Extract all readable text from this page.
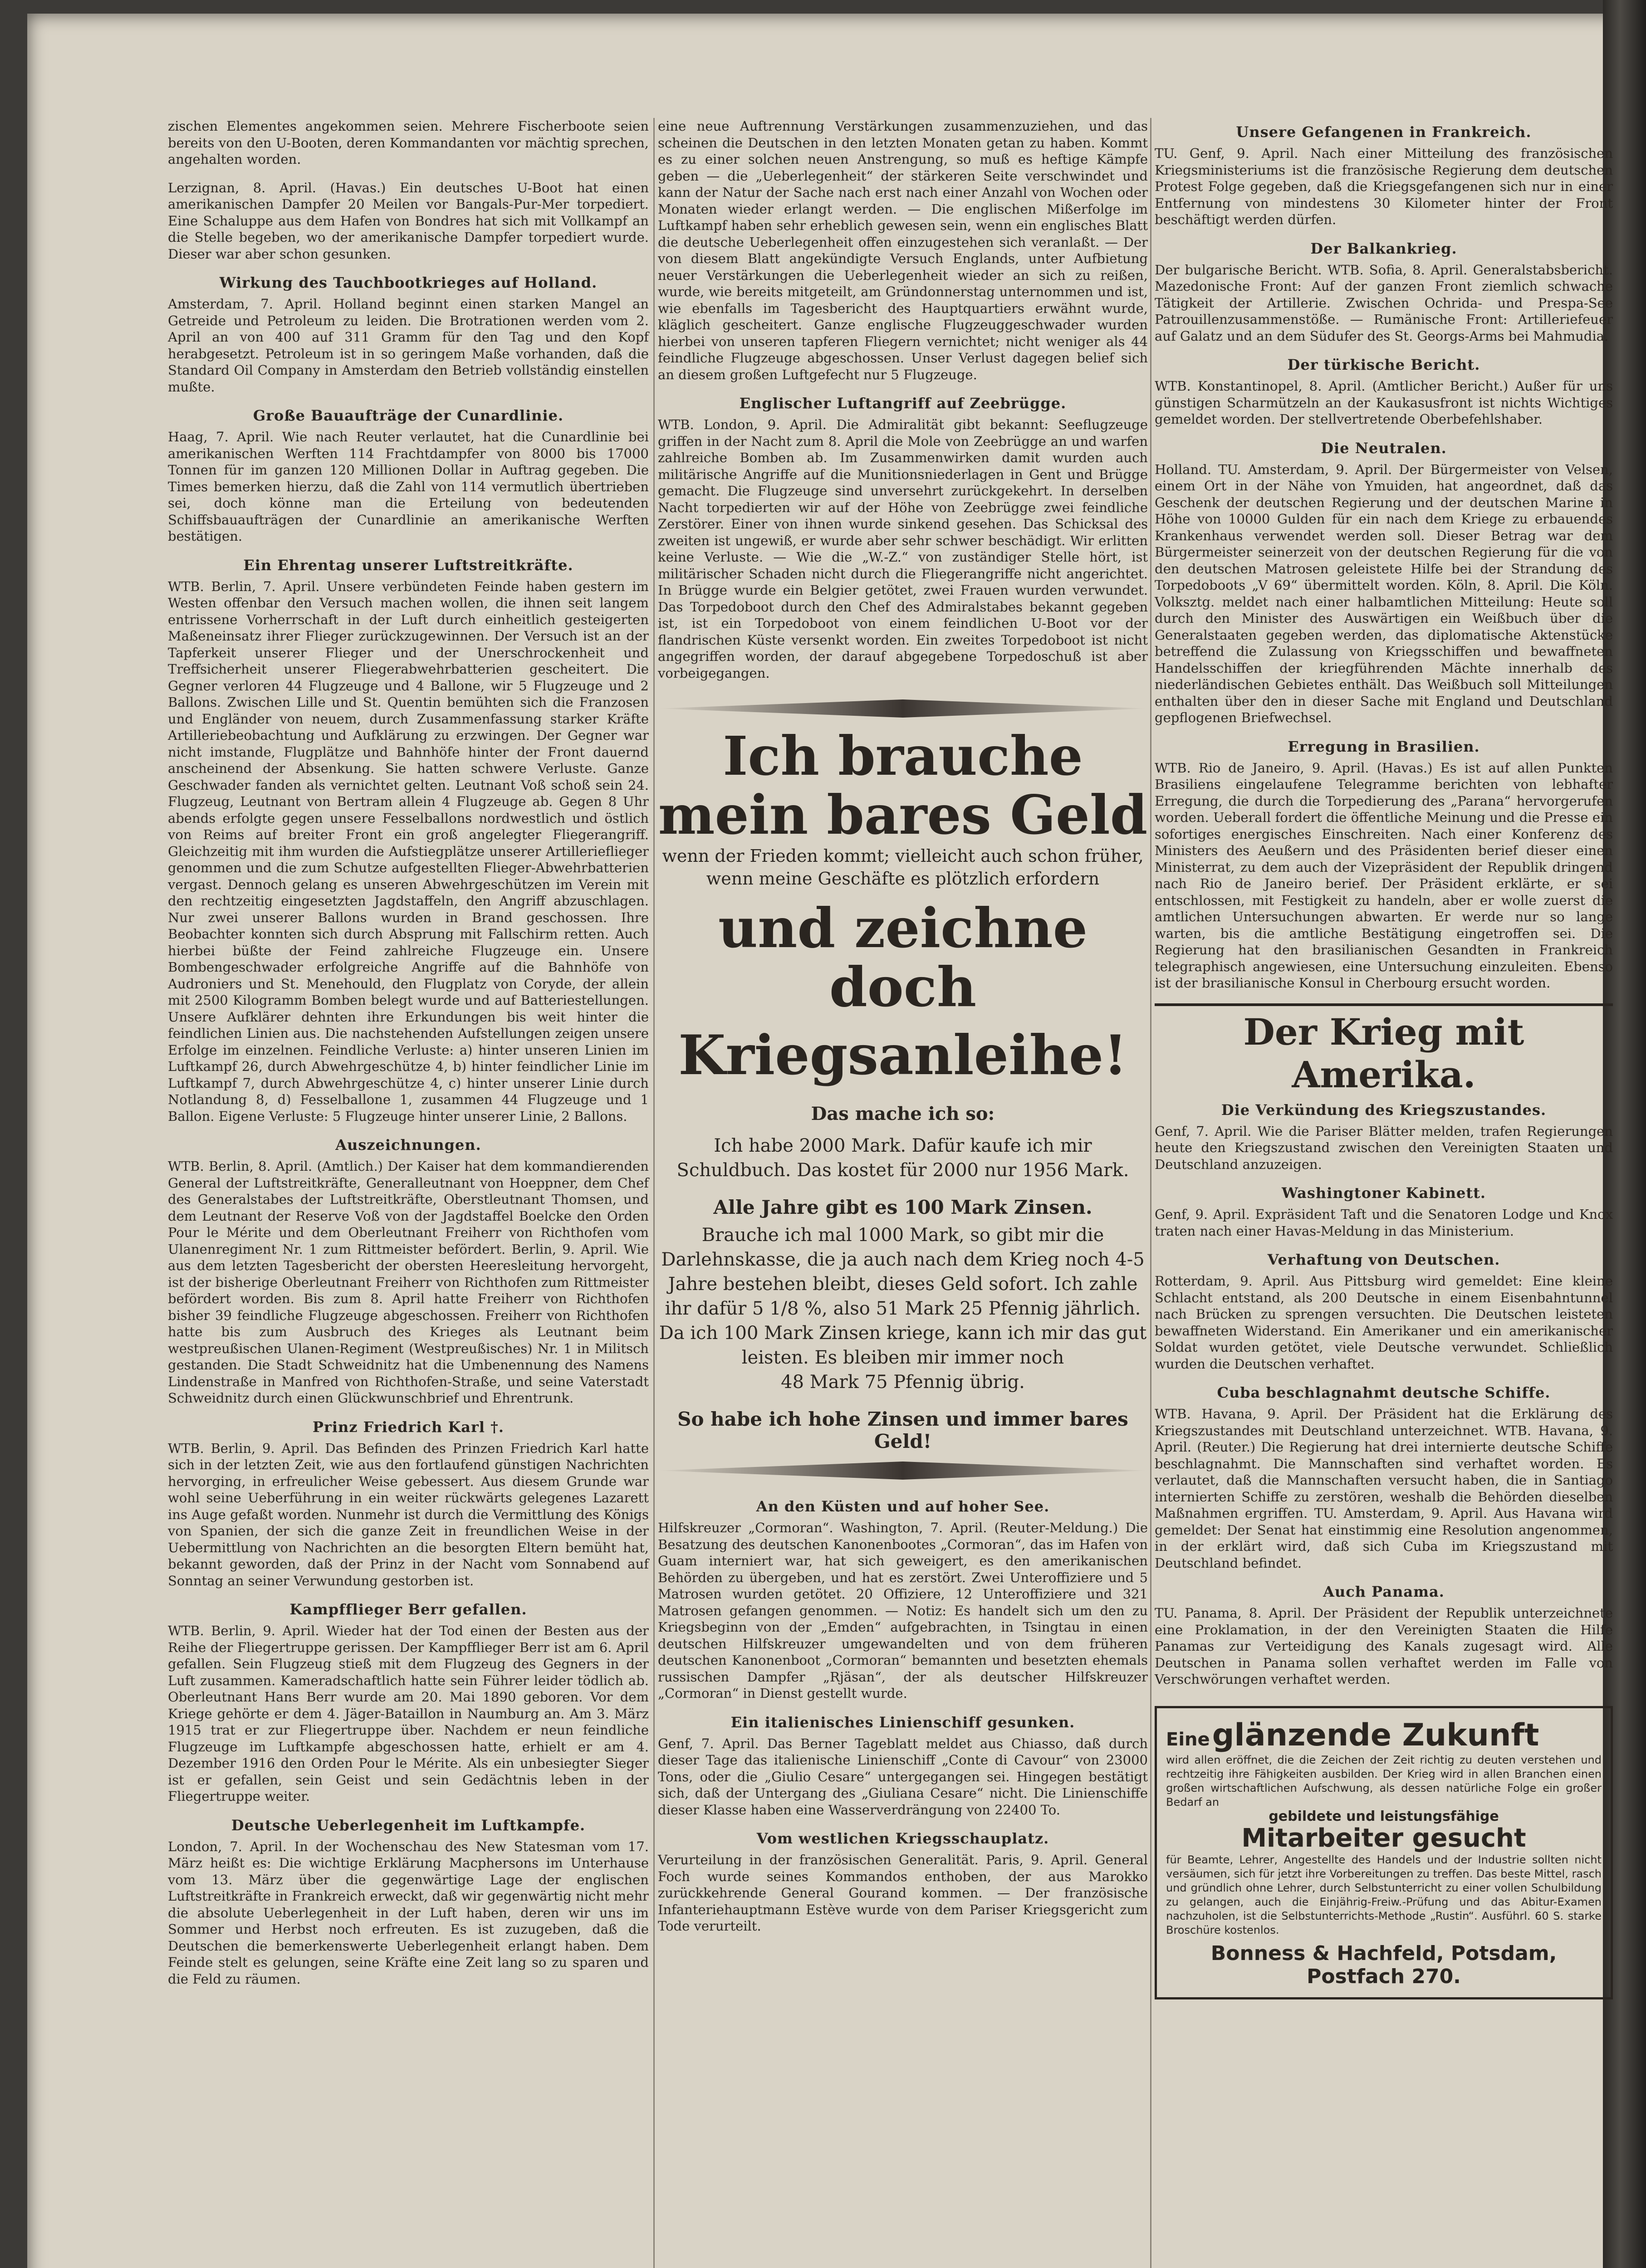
zischen Elementes angekommen seien. Mehrere Fischerboote seien bereits von den U-Booten, deren Kommandanten vor mächtig sprechen, angehalten worden.

Lerzignan, 8. April. (Havas.) Ein deutsches U-Boot hat einen amerikanischen Dampfer 20 Meilen vor Bangals-Pur-Mer torpediert. Eine Schaluppe aus dem Hafen von Bondres hat sich mit Vollkampf an die Stelle begeben, wo der amerikanische Dampfer torpediert wurde. Dieser war aber schon gesunken.

Wirkung des Tauchbootkrieges auf Holland.

Amsterdam, 7. April. Holland beginnt einen starken Mangel an Getreide und Petroleum zu leiden. Die Brotrationen werden vom 2. April an von 400 auf 311 Gramm für den Tag und den Kopf herabgesetzt. Petroleum ist in so geringem Maße vorhanden, daß die Standard Oil Company in Amsterdam den Betrieb vollständig einstellen mußte.

Große Bauaufträge der Cunardlinie.

Haag, 7. April. Wie nach Reuter verlautet, hat die Cunardlinie bei amerikanischen Werften 114 Frachtdampfer von 8000 bis 17000 Tonnen für im ganzen 120 Millionen Dollar in Auftrag gegeben. Die Times bemerken hierzu, daß die Zahl von 114 vermutlich übertrieben sei, doch könne man die Erteilung von bedeutenden Schiffsbauaufträgen der Cunardlinie an amerikanische Werften bestätigen.

Ein Ehrentag unserer Luftstreitkräfte.

WTB. Berlin, 7. April. Unsere verbündeten Feinde haben gestern im Westen offenbar den Versuch machen wollen, die ihnen seit langem entrissene Vorherrschaft in der Luft durch einheitlich gesteigerten Maßeneinsatz ihrer Flieger zurückzugewinnen. Der Versuch ist an der Tapferkeit unserer Flieger und der Unerschrockenheit und Treffsicherheit unserer Fliegerabwehrbatterien gescheitert. Die Gegner verloren 44 Flugzeuge und 4 Ballone, wir 5 Flugzeuge und 2 Ballons. Zwischen Lille und St. Quentin bemühten sich die Franzosen und Engländer von neuem, durch Zusammenfassung starker Kräfte Artilleriebeobachtung und Aufklärung zu erzwingen. Der Gegner war nicht imstande, Flugplätze und Bahnhöfe hinter der Front dauernd anscheinend der Absenkung. Sie hatten schwere Verluste. Ganze Geschwader fanden als vernichtet gelten. Leutnant Voß schoß sein 24. Flugzeug, Leutnant von Bertram allein 4 Flugzeuge ab. Gegen 8 Uhr abends erfolgte gegen unsere Fesselballons nordwestlich und östlich von Reims auf breiter Front ein groß angelegter Fliegerangriff. Gleichzeitig mit ihm wurden die Aufstiegplätze unserer Artillerieflieger genommen und die zum Schutze aufgestellten Flieger-Abwehrbatterien vergast. Dennoch gelang es unseren Abwehrgeschützen im Verein mit den rechtzeitig eingesetzten Jagdstaffeln, den Angriff abzuschlagen. Nur zwei unserer Ballons wurden in Brand geschossen. Ihre Beobachter konnten sich durch Absprung mit Fallschirm retten. Auch hierbei büßte der Feind zahlreiche Flugzeuge ein. Unsere Bombengeschwader erfolgreiche Angriffe auf die Bahnhöfe von Audroniers und St. Menehould, den Flugplatz von Coryde, der allein mit 2500 Kilogramm Bomben belegt wurde und auf Batteriestellungen. Unsere Aufklärer dehnten ihre Erkundungen bis weit hinter die feindlichen Linien aus. Die nachstehenden Aufstellungen zeigen unsere Erfolge im einzelnen. Feindliche Verluste: a) hinter unseren Linien im Luftkampf 26, durch Abwehrgeschütze 4, b) hinter feindlicher Linie im Luftkampf 7, durch Abwehrgeschütze 4, c) hinter unserer Linie durch Notlandung 8, d) Fesselballone 1, zusammen 44 Flugzeuge und 1 Ballon. Eigene Verluste: 5 Flugzeuge hinter unserer Linie, 2 Ballons.

Auszeichnungen.

WTB. Berlin, 8. April. (Amtlich.) Der Kaiser hat dem kommandierenden General der Luftstreitkräfte, Generalleutnant von Hoeppner, dem Chef des Generalstabes der Luftstreitkräfte, Oberstleutnant Thomsen, und dem Leutnant der Reserve Voß von der Jagdstaffel Boelcke den Orden Pour le Mérite und dem Oberleutnant Freiherr von Richthofen vom Ulanenregiment Nr. 1 zum Rittmeister befördert. Berlin, 9. April. Wie aus dem letzten Tagesbericht der obersten Heeresleitung hervorgeht, ist der bisherige Oberleutnant Freiherr von Richthofen zum Rittmeister befördert worden. Bis zum 8. April hatte Freiherr von Richthofen bisher 39 feindliche Flugzeuge abgeschossen. Freiherr von Richthofen hatte bis zum Ausbruch des Krieges als Leutnant beim westpreußischen Ulanen-Regiment (Westpreußisches) Nr. 1 in Militsch gestanden. Die Stadt Schweidnitz hat die Umbenennung des Namens Lindenstraße in Manfred von Richthofen-Straße, und seine Vaterstadt Schweidnitz durch einen Glückwunschbrief und Ehrentrunk.

Prinz Friedrich Karl †.

WTB. Berlin, 9. April. Das Befinden des Prinzen Friedrich Karl hatte sich in der letzten Zeit, wie aus den fortlaufend günstigen Nachrichten hervorging, in erfreulicher Weise gebessert. Aus diesem Grunde war wohl seine Ueberführung in ein weiter rückwärts gelegenes Lazarett ins Auge gefaßt worden. Nunmehr ist durch die Vermittlung des Königs von Spanien, der sich die ganze Zeit in freundlichen Weise in der Uebermittlung von Nachrichten an die besorgten Eltern bemüht hat, bekannt geworden, daß der Prinz in der Nacht vom Sonnabend auf Sonntag an seiner Verwundung gestorben ist.

Kampfflieger Berr gefallen.

WTB. Berlin, 9. April. Wieder hat der Tod einen der Besten aus der Reihe der Fliegertruppe gerissen. Der Kampfflieger Berr ist am 6. April gefallen. Sein Flugzeug stieß mit dem Flugzeug des Gegners in der Luft zusammen. Kameradschaftlich hatte sein Führer leider tödlich ab. Oberleutnant Hans Berr wurde am 20. Mai 1890 geboren. Vor dem Kriege gehörte er dem 4. Jäger-Bataillon in Naumburg an. Am 3. März 1915 trat er zur Fliegertruppe über. Nachdem er neun feindliche Flugzeuge im Luftkampfe abgeschossen hatte, erhielt er am 4. Dezember 1916 den Orden Pour le Mérite. Als ein unbesiegter Sieger ist er gefallen, sein Geist und sein Gedächtnis leben in der Fliegertruppe weiter.

Deutsche Ueberlegenheit im Luftkampfe.

London, 7. April. In der Wochenschau des New Statesman vom 17. März heißt es: Die wichtige Erklärung Macphersons im Unterhause vom 13. März über die gegenwärtige Lage der englischen Luftstreitkräfte in Frankreich erweckt, daß wir gegenwärtig nicht mehr die absolute Ueberlegenheit in der Luft haben, deren wir uns im Sommer und Herbst noch erfreuten. Es ist zuzugeben, daß die Deutschen die bemerkenswerte Ueberlegenheit erlangt haben. Dem Feinde stelt es gelungen, seine Kräfte eine Zeit lang so zu sparen und die Feld zu räumen.

eine neue Auftrennung Verstärkungen zusammenzuziehen, und das scheinen die Deutschen in den letzten Monaten getan zu haben. Kommt es zu einer solchen neuen Anstrengung, so muß es heftige Kämpfe geben — die „Ueberlegenheit“ der stärkeren Seite verschwindet und kann der Natur der Sache nach erst nach einer Anzahl von Wochen oder Monaten wieder erlangt werden. — Die englischen Mißerfolge im Luftkampf haben sehr erheblich gewesen sein, wenn ein englisches Blatt die deutsche Ueberlegenheit offen einzugestehen sich veranlaßt. — Der von diesem Blatt angekündigte Versuch Englands, unter Aufbietung neuer Verstärkungen die Ueberlegenheit wieder an sich zu reißen, wurde, wie bereits mitgeteilt, am Gründonnerstag unternommen und ist, wie ebenfalls im Tagesbericht des Hauptquartiers erwähnt wurde, kläglich gescheitert. Ganze englische Flugzeuggeschwader wurden hierbei von unseren tapferen Fliegern vernichtet; nicht weniger als 44 feindliche Flugzeuge abgeschossen. Unser Verlust dagegen belief sich an diesem großen Luftgefecht nur 5 Flugzeuge.

Englischer Luftangriff auf Zeebrügge.

WTB. London, 9. April. Die Admiralität gibt bekannt: Seeflugzeuge griffen in der Nacht zum 8. April die Mole von Zeebrügge an und warfen zahlreiche Bomben ab. Im Zusammenwirken damit wurden auch militärische Angriffe auf die Munitionsniederlagen in Gent und Brügge gemacht. Die Flugzeuge sind unversehrt zurückgekehrt. In derselben Nacht torpedierten wir auf der Höhe von Zeebrügge zwei feindliche Zerstörer. Einer von ihnen wurde sinkend gesehen. Das Schicksal des zweiten ist ungewiß, er wurde aber sehr schwer beschädigt. Wir erlitten keine Verluste. — Wie die „W.-Z.“ von zuständiger Stelle hört, ist militärischer Schaden nicht durch die Fliegerangriffe nicht angerichtet. In Brügge wurde ein Belgier getötet, zwei Frauen wurden verwundet. Das Torpedoboot durch den Chef des Admiralstabes bekannt gegeben ist, ist ein Torpedoboot von einem feindlichen U-Boot vor der flandrischen Küste versenkt worden. Ein zweites Torpedoboot ist nicht angegriffen worden, der darauf abgegebene Torpedoschuß ist aber vorbeigegangen.

Ich brauche
mein bares Geld
wenn der Frieden kommt; vielleicht auch schon früher,
wenn meine Geschäfte es plötzlich erfordern
und zeichne doch
Kriegsanleihe!
Das mache ich so:
Ich habe 2000 Mark. Dafür kaufe ich mir
Schuldbuch. Das kostet für 2000 nur 1956 Mark.
Alle Jahre gibt es 100 Mark Zinsen.
Brauche ich mal 1000 Mark, so gibt mir die Darlehnskasse, die ja auch nach dem Krieg noch 4-5 Jahre bestehen bleibt, dieses Geld sofort. Ich zahle ihr dafür 5 1/8 %, also 51 Mark 25 Pfennig jährlich. Da ich 100 Mark Zinsen kriege, kann ich mir das gut leisten. Es bleiben mir immer noch
48 Mark 75 Pfennig übrig.
So habe ich hohe Zinsen und immer bares Geld!
An den Küsten und auf hoher See.

Hilfskreuzer „Cormoran“. Washington, 7. April. (Reuter-Meldung.) Die Besatzung des deutschen Kanonenbootes „Cormoran“, das im Hafen von Guam interniert war, hat sich geweigert, es den amerikanischen Behörden zu übergeben, und hat es zerstört. Zwei Unteroffiziere und 5 Matrosen wurden getötet. 20 Offiziere, 12 Unteroffiziere und 321 Matrosen gefangen genommen. — Notiz: Es handelt sich um den zu Kriegsbeginn von der „Emden“ aufgebrachten, in Tsingtau in einen deutschen Hilfskreuzer umgewandelten und von dem früheren deutschen Kanonenboot „Cormoran“ bemannten und besetzten ehemals russischen Dampfer „Rjäsan“, der als deutscher Hilfskreuzer „Cormoran“ in Dienst gestellt wurde.

Ein italienisches Linienschiff gesunken.

Genf, 7. April. Das Berner Tageblatt meldet aus Chiasso, daß durch dieser Tage das italienische Linienschiff „Conte di Cavour“ von 23000 Tons, oder die „Giulio Cesare“ untergegangen sei. Hingegen bestätigt sich, daß der Untergang des „Giuliana Cesare“ nicht. Die Linienschiffe dieser Klasse haben eine Wasserverdrängung von 22400 To.

Vom westlichen Kriegsschauplatz.

Verurteilung in der französischen Generalität. Paris, 9. April. General Foch wurde seines Kommandos enthoben, der aus Marokko zurückkehrende General Gourand kommen. — Der französische Infanteriehauptmann Estève wurde von dem Pariser Kriegsgericht zum Tode verurteilt.

Unsere Gefangenen in Frankreich.

TU. Genf, 9. April. Nach einer Mitteilung des französischen Kriegsministeriums ist die französische Regierung dem deutschen Protest Folge gegeben, daß die Kriegsgefangenen sich nur in einer Entfernung von mindestens 30 Kilometer hinter der Front beschäftigt werden dürfen.

Der Balkankrieg.

Der bulgarische Bericht. WTB. Sofia, 8. April. Generalstabsbericht. Mazedonische Front: Auf der ganzen Front ziemlich schwache Tätigkeit der Artillerie. Zwischen Ochrida- und Prespa-See Patrouillenzusammenstöße. — Rumänische Front: Artilleriefeuer auf Galatz und an dem Südufer des St. Georgs-Arms bei Mahmudia.

Der türkische Bericht.

WTB. Konstantinopel, 8. April. (Amtlicher Bericht.) Außer für uns günstigen Scharmützeln an der Kaukasusfront ist nichts Wichtiges gemeldet worden. Der stellvertretende Oberbefehlshaber.

Die Neutralen.

Holland. TU. Amsterdam, 9. April. Der Bürgermeister von Velsen, einem Ort in der Nähe von Ymuiden, hat angeordnet, daß das Geschenk der deutschen Regierung und der deutschen Marine in Höhe von 10000 Gulden für ein nach dem Kriege zu erbauendes Krankenhaus verwendet werden soll. Dieser Betrag war dem Bürgermeister seinerzeit von der deutschen Regierung für die von den deutschen Matrosen geleistete Hilfe bei der Strandung des Torpedoboots „V 69“ übermittelt worden. Köln, 8. April. Die Köln. Volksztg. meldet nach einer halbamtlichen Mitteilung: Heute soll durch den Minister des Auswärtigen ein Weißbuch über die Generalstaaten gegeben werden, das diplomatische Aktenstücke betreffend die Zulassung von Kriegsschiffen und bewaffneten Handelsschiffen der kriegführenden Mächte innerhalb des niederländischen Gebietes enthält. Das Weißbuch soll Mitteilungen enthalten über den in dieser Sache mit England und Deutschland gepflogenen Briefwechsel.

Erregung in Brasilien.

WTB. Rio de Janeiro, 9. April. (Havas.) Es ist auf allen Punkten Brasiliens eingelaufene Telegramme berichten von lebhafter Erregung, die durch die Torpedierung des „Parana“ hervorgerufen worden. Ueberall fordert die öffentliche Meinung und die Presse ein sofortiges energisches Einschreiten. Nach einer Konferenz des Ministers des Aeußern und des Präsidenten berief dieser einen Ministerrat, zu dem auch der Vizepräsident der Republik dringend nach Rio de Janeiro berief. Der Präsident erklärte, er sei entschlossen, mit Festigkeit zu handeln, aber er wolle zuerst die amtlichen Untersuchungen abwarten. Er werde nur so lange warten, bis die amtliche Bestätigung eingetroffen sei. Die Regierung hat den brasilianischen Gesandten in Frankreich telegraphisch angewiesen, eine Untersuchung einzuleiten. Ebenso ist der brasilianische Konsul in Cherbourg ersucht worden.

Der Krieg mit Amerika.
Die Verkündung des Kriegszustandes.

Genf, 7. April. Wie die Pariser Blätter melden, trafen Regierungen heute den Kriegszustand zwischen den Vereinigten Staaten und Deutschland anzuzeigen.

Washingtoner Kabinett.

Genf, 9. April. Expräsident Taft und die Senatoren Lodge und Knox traten nach einer Havas-Meldung in das Ministerium.

Verhaftung von Deutschen.

Rotterdam, 9. April. Aus Pittsburg wird gemeldet: Eine kleine Schlacht entstand, als 200 Deutsche in einem Eisenbahntunnel nach Brücken zu sprengen versuchten. Die Deutschen leisteten bewaffneten Widerstand. Ein Amerikaner und ein amerikanischer Soldat wurden getötet, viele Deutsche verwundet. Schließlich wurden die Deutschen verhaftet.

Cuba beschlagnahmt deutsche Schiffe.

WTB. Havana, 9. April. Der Präsident hat die Erklärung des Kriegszustandes mit Deutschland unterzeichnet. WTB. Havana, 9. April. (Reuter.) Die Regierung hat drei internierte deutsche Schiffe beschlagnahmt. Die Mannschaften sind verhaftet worden. Es verlautet, daß die Mannschaften versucht haben, die in Santiago internierten Schiffe zu zerstören, weshalb die Behörden dieselben Maßnahmen ergriffen. TU. Amsterdam, 9. April. Aus Havana wird gemeldet: Der Senat hat einstimmig eine Resolution angenommen, in der erklärt wird, daß sich Cuba im Kriegszustand mit Deutschland befindet.

Auch Panama.

TU. Panama, 8. April. Der Präsident der Republik unterzeichnete eine Proklamation, in der den Vereinigten Staaten die Hilfe Panamas zur Verteidigung des Kanals zugesagt wird. Alle Deutschen in Panama sollen verhaftet werden im Falle von Verschwörungen verhaftet werden.

Eine glänzende Zukunft

wird allen eröffnet, die die Zeichen der Zeit richtig zu deuten verstehen und rechtzeitig ihre Fähigkeiten ausbilden. Der Krieg wird in allen Branchen einen großen wirtschaftlichen Aufschwung, als dessen natürliche Folge ein großer Bedarf an

gebildete und leistungsfähige

Mitarbeiter gesucht

für Beamte, Lehrer, Angestellte des Handels und der Industrie sollten nicht versäumen, sich für jetzt ihre Vorbereitungen zu treffen. Das beste Mittel, rasch und gründlich ohne Lehrer, durch Selbstunterricht zu einer vollen Schulbildung zu gelangen, auch die Einjährig-Freiw.-Prüfung und das Abitur-Examen nachzuholen, ist die Selbstunterrichts-Methode „Rustin“. Ausführl. 60 S. starke Broschüre kostenlos.

Bonness & Hachfeld, Potsdam, Postfach 270.
